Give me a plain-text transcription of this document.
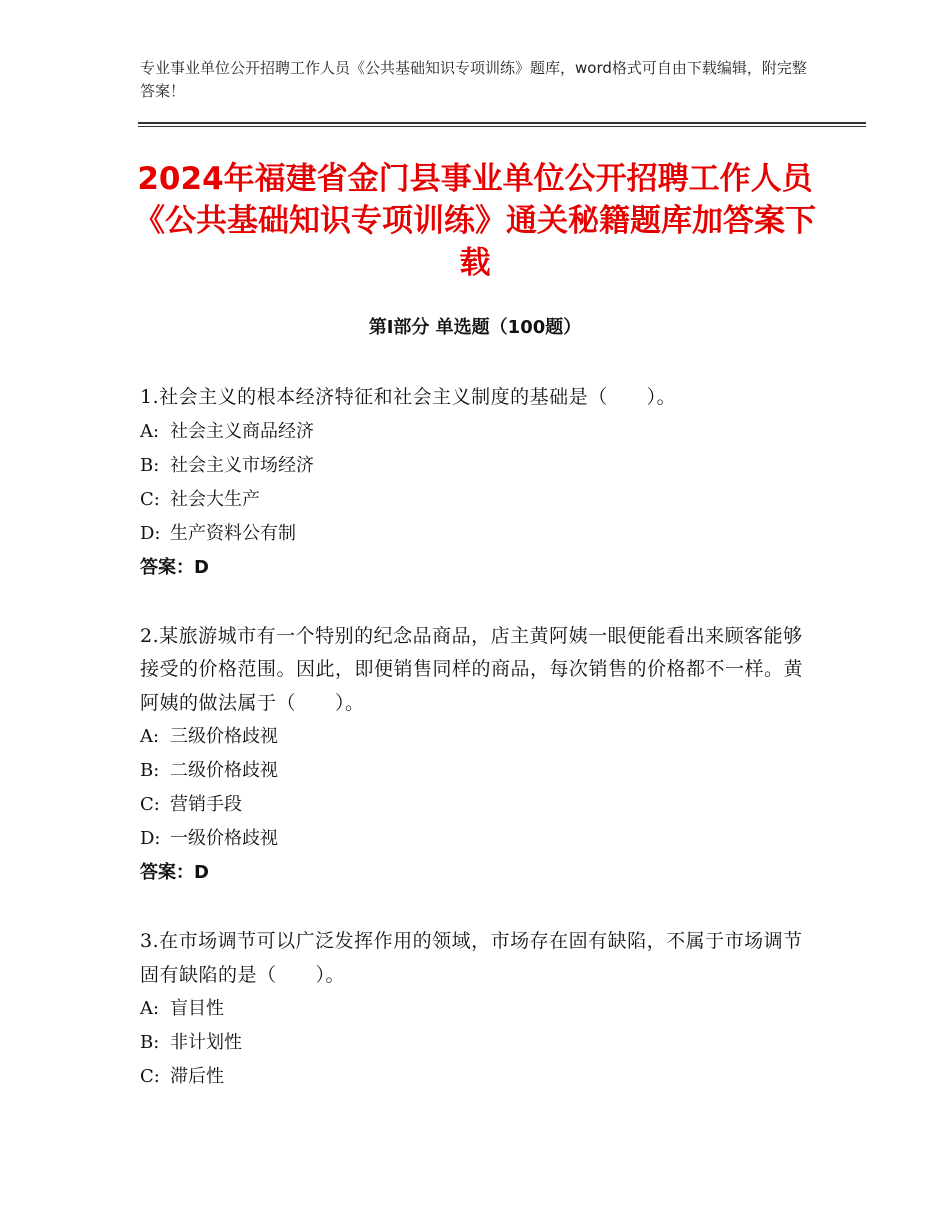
专业事业单位公开招聘工作人员《公共基础知识专项训练》题库，word格式可自由下载编辑，附完整答案！
2024年福建省金门县事业单位公开招聘工作人员《公共基础知识专项训练》通关秘籍题库加答案下载
第Ⅰ部分 单选题（100题）
1.社会主义的根本经济特征和社会主义制度的基础是（　　）。
A: 社会主义商品经济
B: 社会主义市场经济
C: 社会大生产
D: 生产资料公有制
答案：D
2.某旅游城市有一个特别的纪念品商品，店主黄阿姨一眼便能看出来顾客能够接受的价格范围。因此，即便销售同样的商品，每次销售的价格都不一样。黄阿姨的做法属于（　　）。
A: 三级价格歧视
B: 二级价格歧视
C: 营销手段
D: 一级价格歧视
答案：D
3.在市场调节可以广泛发挥作用的领域，市场存在固有缺陷，不属于市场调节固有缺陷的是（　　）。
A: 盲目性
B: 非计划性
C: 滞后性
